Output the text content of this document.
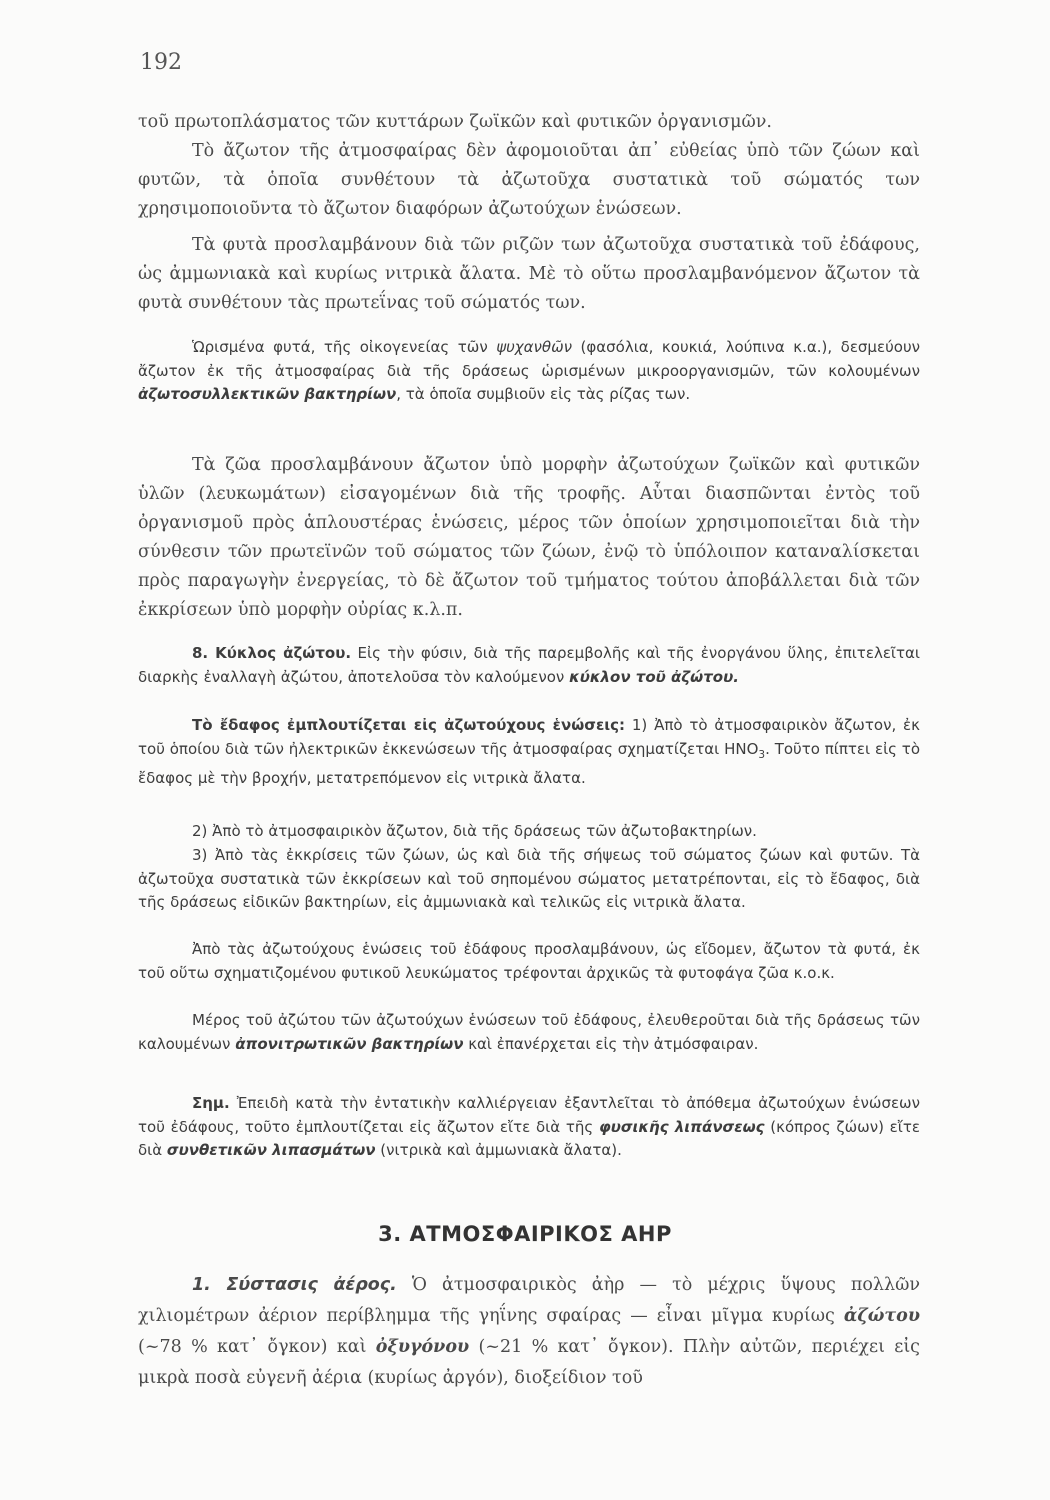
192

τοῦ πρωτοπλάσματος τῶν κυττάρων ζωϊκῶν καὶ φυτικῶν ὀργανισμῶν.

Τὸ ἄζωτον τῆς ἀτμοσφαίρας δὲν ἀφομοιοῦται ἀπ᾽ εὐθείας ὑπὸ τῶν ζώων καὶ φυτῶν, τὰ ὁποῖα συνθέτουν τὰ ἀζωτοῦχα συστατικὰ τοῦ σώματός των χρησιμοποιοῦντα τὸ ἄζωτον διαφόρων ἀζωτούχων ἑνώσεων.

Τὰ φυτὰ προσλαμβάνουν διὰ τῶν ριζῶν των ἀζωτοῦχα συστατικὰ τοῦ ἐδάφους, ὡς ἀμμωνιακὰ καὶ κυρίως νιτρικὰ ἄλατα. Μὲ τὸ οὕτω προσλαμβανόμενον ἄζωτον τὰ φυτὰ συνθέτουν τὰς πρωτεΐνας τοῦ σώματός των.

Ὡρισμένα φυτά, τῆς οἰκογενείας τῶν ψυχανθῶν (φασόλια, κουκιά, λούπινα κ.α.), δεσμεύουν ἄζωτον ἐκ τῆς ἀτμοσφαίρας διὰ τῆς δράσεως ὡρισμένων μικροοργανισμῶν, τῶν κολουμένων ἀζωτοσυλλεκτικῶν βακτηρίων, τὰ ὁποῖα συμβιοῦν εἰς τὰς ρίζας των.

Τὰ ζῶα προσλαμβάνουν ἄζωτον ὑπὸ μορφὴν ἀζωτούχων ζωϊκῶν καὶ φυτικῶν ὑλῶν (λευκωμάτων) εἰσαγομένων διὰ τῆς τροφῆς. Αὗται διασπῶνται ἐντὸς τοῦ ὀργανισμοῦ πρὸς ἁπλουστέρας ἑνώσεις, μέρος τῶν ὁποίων χρησιμοποιεῖται διὰ τὴν σύνθεσιν τῶν πρωτεϊνῶν τοῦ σώματος τῶν ζώων, ἐνῷ τὸ ὑπόλοιπον καταναλίσκεται πρὸς παραγωγὴν ἐνεργείας, τὸ δὲ ἄζωτον τοῦ τμήματος τούτου ἀποβάλλεται διὰ τῶν ἐκκρίσεων ὑπὸ μορφὴν οὐρίας κ.λ.π.

8. Κύκλος ἀζώτου. Εἰς τὴν φύσιν, διὰ τῆς παρεμβολῆς καὶ τῆς ἐνοργάνου ὕλης, ἐπιτελεῖται διαρκὴς ἐναλλαγὴ ἀζώτου, ἀποτελοῦσα τὸν καλούμενον κύκλον τοῦ ἀζώτου.

Τὸ ἔδαφος ἐμπλουτίζεται εἰς ἀζωτούχους ἑνώσεις: 1) Ἀπὸ τὸ ἀτμοσφαιρικὸν ἄζωτον, ἐκ τοῦ ὁποίου διὰ τῶν ἠλεκτρικῶν ἐκκενώσεων τῆς ἀτμοσφαίρας σχηματίζεται $HNO_3$. Τοῦτο πίπτει εἰς τὸ ἔδαφος μὲ τὴν βροχήν, μετατρεπόμενον εἰς νιτρικὰ ἄλατα.

2) Ἀπὸ τὸ ἀτμοσφαιρικὸν ἄζωτον, διὰ τῆς δράσεως τῶν ἀζωτοβακτηρίων.

3) Ἀπὸ τὰς ἐκκρίσεις τῶν ζώων, ὡς καὶ διὰ τῆς σήψεως τοῦ σώματος ζώων καὶ φυτῶν. Τὰ ἀζωτοῦχα συστατικὰ τῶν ἐκκρίσεων καὶ τοῦ σηπομένου σώματος μετατρέπονται, εἰς τὸ ἔδαφος, διὰ τῆς δράσεως εἰδικῶν βακτηρίων, εἰς ἀμμωνιακὰ καὶ τελικῶς εἰς νιτρικὰ ἄλατα.

Ἀπὸ τὰς ἀζωτούχους ἑνώσεις τοῦ ἐδάφους προσλαμβάνουν, ὡς εἴδομεν, ἄζωτον τὰ φυτά, ἐκ τοῦ οὕτω σχηματιζομένου φυτικοῦ λευκώματος τρέφονται ἀρχικῶς τὰ φυτοφάγα ζῶα κ.ο.κ.

Μέρος τοῦ ἀζώτου τῶν ἀζωτούχων ἑνώσεων τοῦ ἐδάφους, ἐλευθεροῦται διὰ τῆς δράσεως τῶν καλουμένων ἀπονιτρωτικῶν βακτηρίων καὶ ἐπανέρχεται εἰς τὴν ἀτμόσφαιραν.

Σημ. Ἐπειδὴ κατὰ τὴν ἐντατικὴν καλλιέργειαν ἐξαντλεῖται τὸ ἀπόθεμα ἀζωτούχων ἑνώσεων τοῦ ἐδάφους, τοῦτο ἐμπλουτίζεται εἰς ἄζωτον εἴτε διὰ τῆς φυσικῆς λιπάνσεως (κόπρος ζώων) εἴτε διὰ συνθετικῶν λιπασμάτων (νιτρικὰ καὶ ἀμμωνιακὰ ἄλατα).

3. ΑΤΜΟΣΦΑΙΡΙΚΟΣ ΑΗΡ

1. Σύστασις ἀέρος. Ὁ ἀτμοσφαιρικὸς ἀὴρ — τὸ μέχρις ὕψους πολλῶν χιλιομέτρων ἀέριον περίβλημμα τῆς γηΐνης σφαίρας — εἶναι μῖγμα κυρίως ἀζώτου (~78 % κατ᾽ ὄγκον) καὶ ὀξυγόνου (~21 % κατ᾽ ὄγκον). Πλὴν αὐτῶν, περιέχει εἰς μικρὰ ποσὰ εὐγενῆ ἀέρια (κυρίως ἀργόν), διοξείδιον τοῦ
